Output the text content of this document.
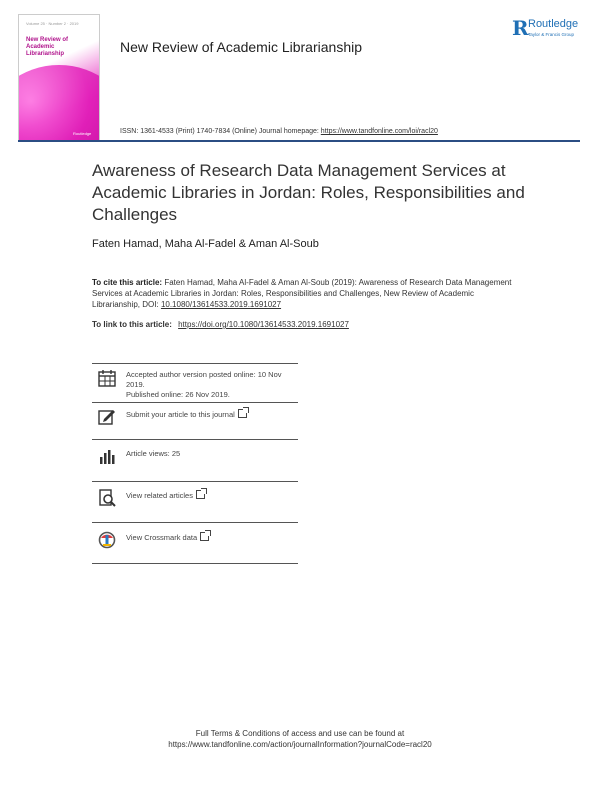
Volume 25 · Number 2 · 2019
New Review of
Academic
Librarianship
Routledge
New Review of Academic Librarianship
R Routledge
Taylor & Francis Group
ISSN: 1361-4533 (Print) 1740-7834 (Online) Journal homepage: https://www.tandfonline.com/loi/racl20
Awareness of Research Data Management Services at Academic Libraries in Jordan: Roles, Responsibilities and Challenges
Faten Hamad, Maha Al-Fadel & Aman Al-Soub
To cite this article: Faten Hamad, Maha Al-Fadel & Aman Al-Soub (2019): Awareness of Research Data Management Services at Academic Libraries in Jordan: Roles, Responsibilities and Challenges, New Review of Academic Librarianship, DOI: 10.1080/13614533.2019.1691027
To link to this article: https://doi.org/10.1080/13614533.2019.1691027
Accepted author version posted online: 10 Nov 2019.
Published online: 26 Nov 2019.
Submit your article to this journal
Article views: 25
View related articles
View Crossmark data
Full Terms & Conditions of access and use can be found at
https://www.tandfonline.com/action/journalInformation?journalCode=racl20
